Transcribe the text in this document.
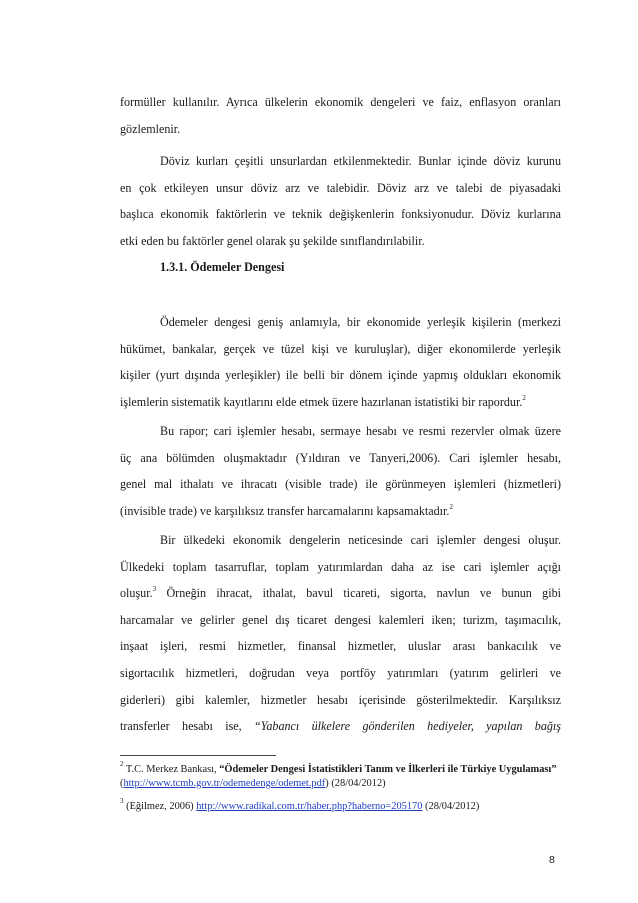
formüller kullanılır. Ayrıca ülkelerin ekonomik dengeleri ve faiz, enflasyon oranları
gözlemlenir.
Döviz kurları çeşitli unsurlardan etkilenmektedir. Bunlar içinde döviz kurunu
en çok etkileyen unsur döviz arz ve talebidir. Döviz arz ve talebi de piyasadaki
başlıca ekonomik faktörlerin ve teknik değişkenlerin fonksiyonudur. Döviz kurlarına
etki eden bu faktörler genel olarak şu şekilde sınıflandırılabilir.
1.3.1. Ödemeler Dengesi
Ödemeler dengesi geniş anlamıyla, bir ekonomide yerleşik kişilerin (merkezi
hükümet, bankalar, gerçek ve tüzel kişi ve kuruluşlar), diğer ekonomilerde yerleşik
kişiler (yurt dışında yerleşikler) ile belli bir dönem içinde yapmış oldukları ekonomik
işlemlerin sistematik kayıtlarını elde etmek üzere hazırlanan istatistiki bir rapordur.$^2$
Bu rapor; cari işlemler hesabı, sermaye hesabı ve resmi rezervler olmak üzere
üç ana bölümden oluşmaktadır (Yıldıran ve Tanyeri,2006). Cari işlemler hesabı,
genel mal ithalatı ve ihracatı (visible trade) ile görünmeyen işlemleri (hizmetleri)
(invisible trade) ve karşılıksız transfer harcamalarını kapsamaktadır.$^2$
Bir ülkedeki ekonomik dengelerin neticesinde cari işlemler dengesi oluşur.
Ülkedeki toplam tasarruflar, toplam yatırımlardan daha az ise cari işlemler açığı
oluşur.$^3$ Örneğin ihracat, ithalat, bavul ticareti, sigorta, navlun ve bunun gibi
harcamalar ve gelirler genel dış ticaret dengesi kalemleri iken; turizm, taşımacılık,
inşaat işleri, resmi hizmetler, finansal hizmetler, uluslar arası bankacılık ve
sigortacılık hizmetleri, doğrudan veya portföy yatırımları (yatırım gelirleri ve
giderleri) gibi kalemler, hizmetler hesabı içerisinde gösterilmektedir. Karşılıksız
transferler hesabı ise, “Yabancı ülkelere gönderilen hediyeler, yapılan bağış
$^2$ T.C. Merkez Bankası, “Ödemeler Dengesi İstatistikleri Tanım ve İlkerleri ile Türkiye Uygulaması” (http://www.tcmb.gov.tr/odemedenge/odemet.pdf) (28/04/2012)
$^3$ (Eğilmez, 2006) http://www.radikal.com.tr/haber.php?haberno=205170 (28/04/2012)
8
